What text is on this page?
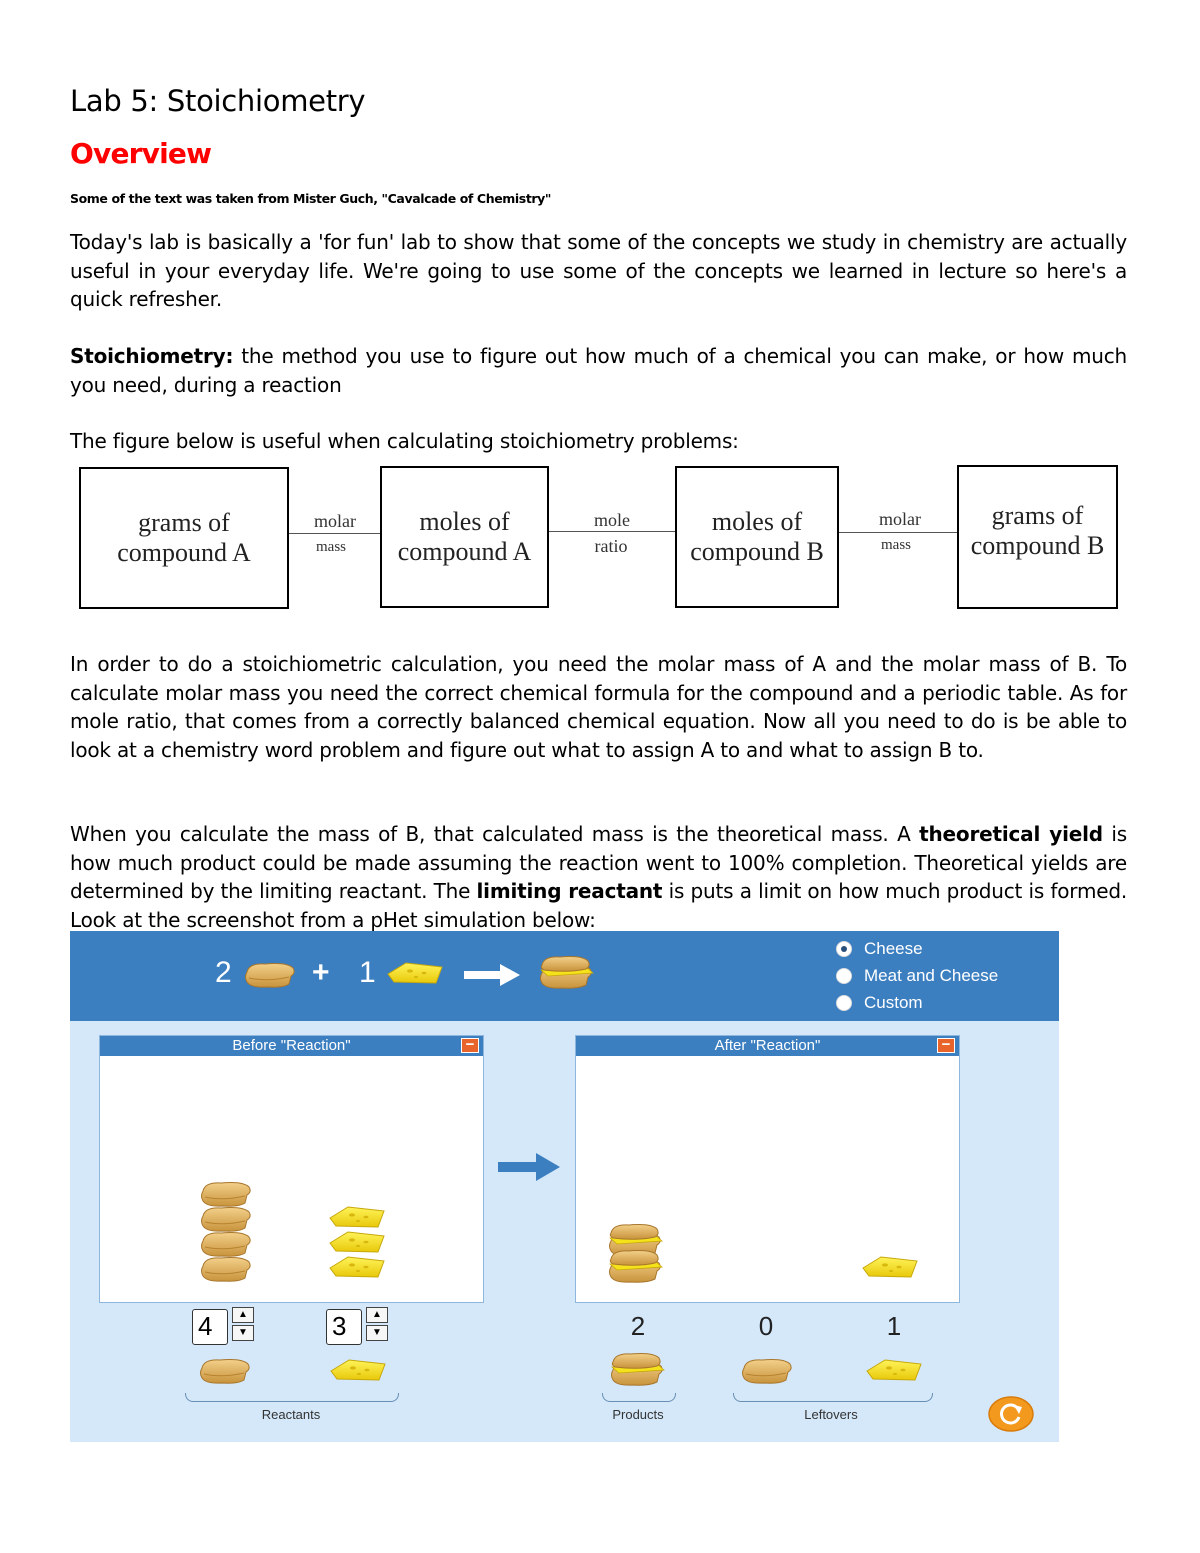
Lab 5: Stoichiometry
Overview
Some of the text was taken from Mister Guch, "Cavalcade of Chemistry"

Today's lab is basically a 'for fun' lab to show that some of the concepts we study in chemistry are actually useful in your everyday life. We're going to use some of the concepts we learned in lecture so here's a quick refresher.

Stoichiometry: the method you use to figure out how much of a chemical you can make, or how much you need, during a reaction

The figure below is useful when calculating stoichiometry problems:

grams of
compound A
molar
mass
moles of
compound A
mole
ratio
moles of
compound B
molar
mass
grams of
compound B

In order to do a stoichiometric calculation, you need the molar mass of A and the molar mass of B. To calculate molar mass you need the correct chemical formula for the compound and a periodic table. As for mole ratio, that comes from a correctly balanced chemical equation. Now all you need to do is be able to look at a chemistry word problem and figure out what to assign A to and what to assign B to.

When you calculate the mass of B, that calculated mass is the theoretical mass. A theoretical yield is how much product could be made assuming the reaction went to 100% completion. Theoretical yields are determined by the limiting reactant. The limiting reactant is puts a limit on how much product is formed. Look at the screenshot from a pHet simulation below:

2	+ 1
Cheese
Meat and Cheese
Custom
Before "Reaction"	−	After "Reaction"	−
4	▲
▼	3	▲
▼	2	0	1
Reactants	Products	Leftovers
